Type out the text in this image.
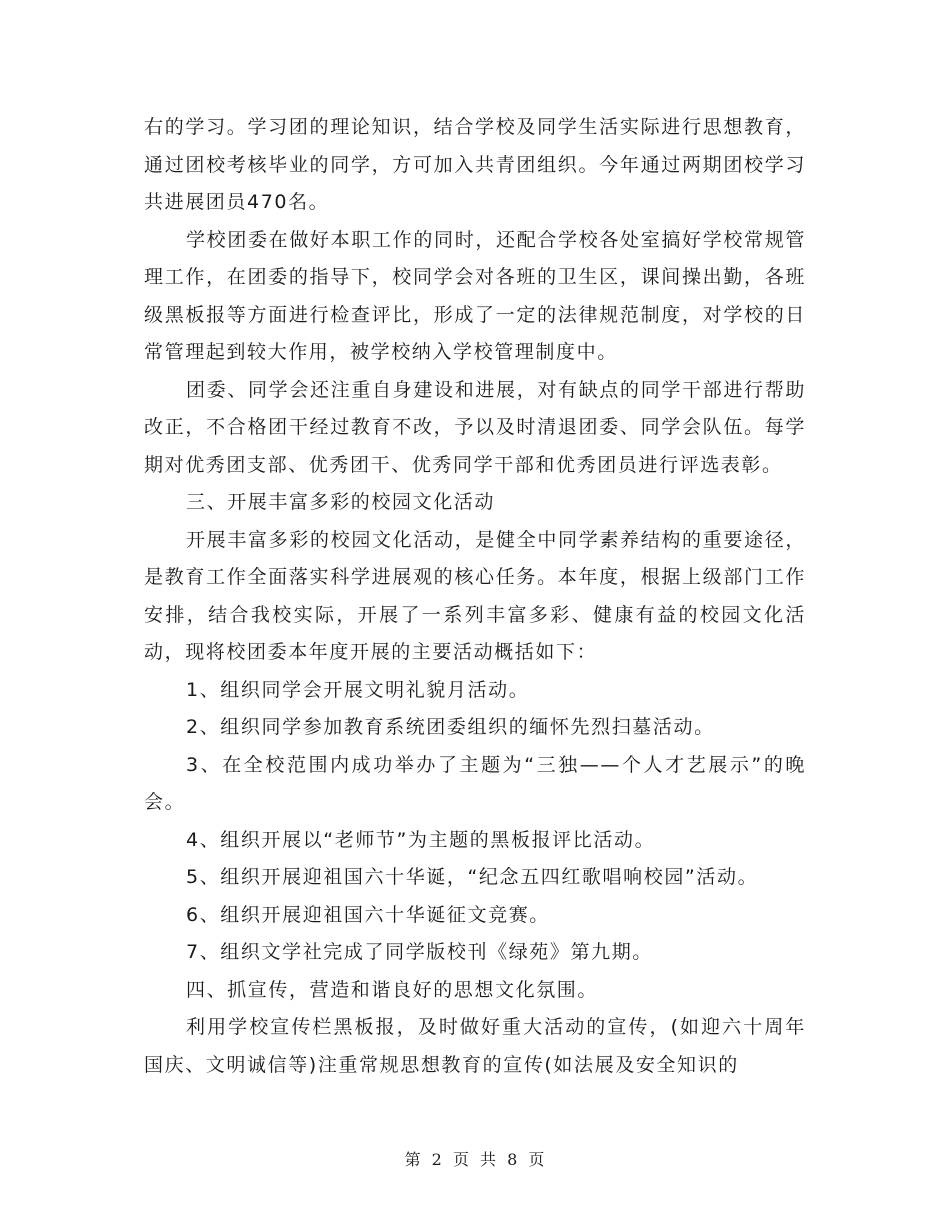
右的学习。学习团的理论知识，结合学校及同学生活实际进行思想教育，通过团校考核毕业的同学，方可加入共青团组织。今年通过两期团校学习共进展团员470名。

学校团委在做好本职工作的同时，还配合学校各处室搞好学校常规管理工作，在团委的指导下，校同学会对各班的卫生区，课间操出勤，各班级黑板报等方面进行检查评比，形成了一定的法律规范制度，对学校的日常管理起到较大作用，被学校纳入学校管理制度中。

团委、同学会还注重自身建设和进展，对有缺点的同学干部进行帮助改正，不合格团干经过教育不改，予以及时清退团委、同学会队伍。每学期对优秀团支部、优秀团干、优秀同学干部和优秀团员进行评选表彰。

三、开展丰富多彩的校园文化活动

开展丰富多彩的校园文化活动，是健全中同学素养结构的重要途径，是教育工作全面落实科学进展观的核心任务。本年度，根据上级部门工作安排，结合我校实际，开展了一系列丰富多彩、健康有益的校园文化活动，现将校团委本年度开展的主要活动概括如下：

1、组织同学会开展文明礼貌月活动。

2、组织同学参加教育系统团委组织的缅怀先烈扫墓活动。

3、在全校范围内成功举办了主题为“三独——个人才艺展示”的晚会。

4、组织开展以“老师节”为主题的黑板报评比活动。

5、组织开展迎祖国六十华诞，“纪念五四红歌唱响校园”活动。

6、组织开展迎祖国六十华诞征文竞赛。

7、组织文学社完成了同学版校刊《绿苑》第九期。

四、抓宣传，营造和谐良好的思想文化氛围。

利用学校宣传栏黑板报，及时做好重大活动的宣传，(如迎六十周年国庆、文明诚信等)注重常规思想教育的宣传(如法展及安全知识的

第 2 页 共 8 页
